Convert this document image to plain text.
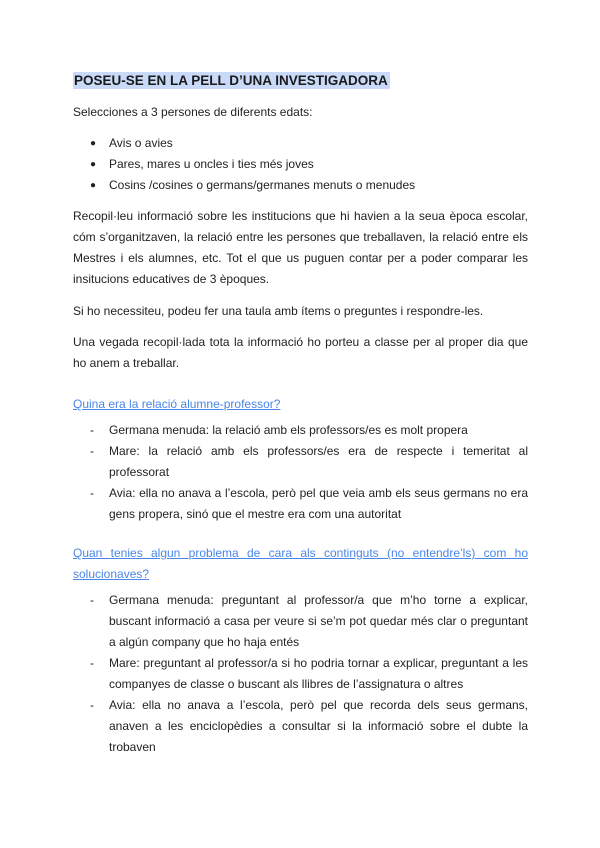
POSEU-SE EN LA PELL D’UNA INVESTIGADORA

Selecciones a 3 persones de diferents edats:

● Avis o avies
● Pares, mares u oncles i ties més joves
● Cosins /cosines o germans/germanes menuts o menudes

Recopil·leu informació sobre les institucions que hi havien a la seua època escolar, cóm s’organitzaven, la relació entre les persones que treballaven, la relació entre els Mestres i els alumnes, etc. Tot el que us puguen contar per a poder comparar les insitucions educatives de 3 èpoques.

Si ho necessiteu, podeu fer una taula amb ítems o preguntes i respondre-les.

Una vegada recopil·lada tota la informació ho porteu a classe per al proper dia que ho anem a treballar.

Quina era la relació alumne-professor?

- Germana menuda: la relació amb els professors/es es molt propera
- Mare: la relació amb els professors/es era de respecte i temeritat al professorat
- Avia: ella no anava a l’escola, però pel que veia amb els seus germans no era gens propera, sinó que el mestre era com una autoritat

Quan tenies algun problema de cara als continguts (no entendre’ls) com ho solucionaves?

- Germana menuda: preguntant al professor/a que m’ho torne a explicar, buscant informació a casa per veure si se’m pot quedar més clar o preguntant a algún company que ho haja entés
- Mare: preguntant al professor/a si ho podria tornar a explicar, preguntant a les companyes de classe o buscant als llibres de l’assignatura o altres
- Avia: ella no anava a l’escola, però pel que recorda dels seus germans, anaven a les enciclopèdies a consultar si la informació sobre el dubte la trobaven
